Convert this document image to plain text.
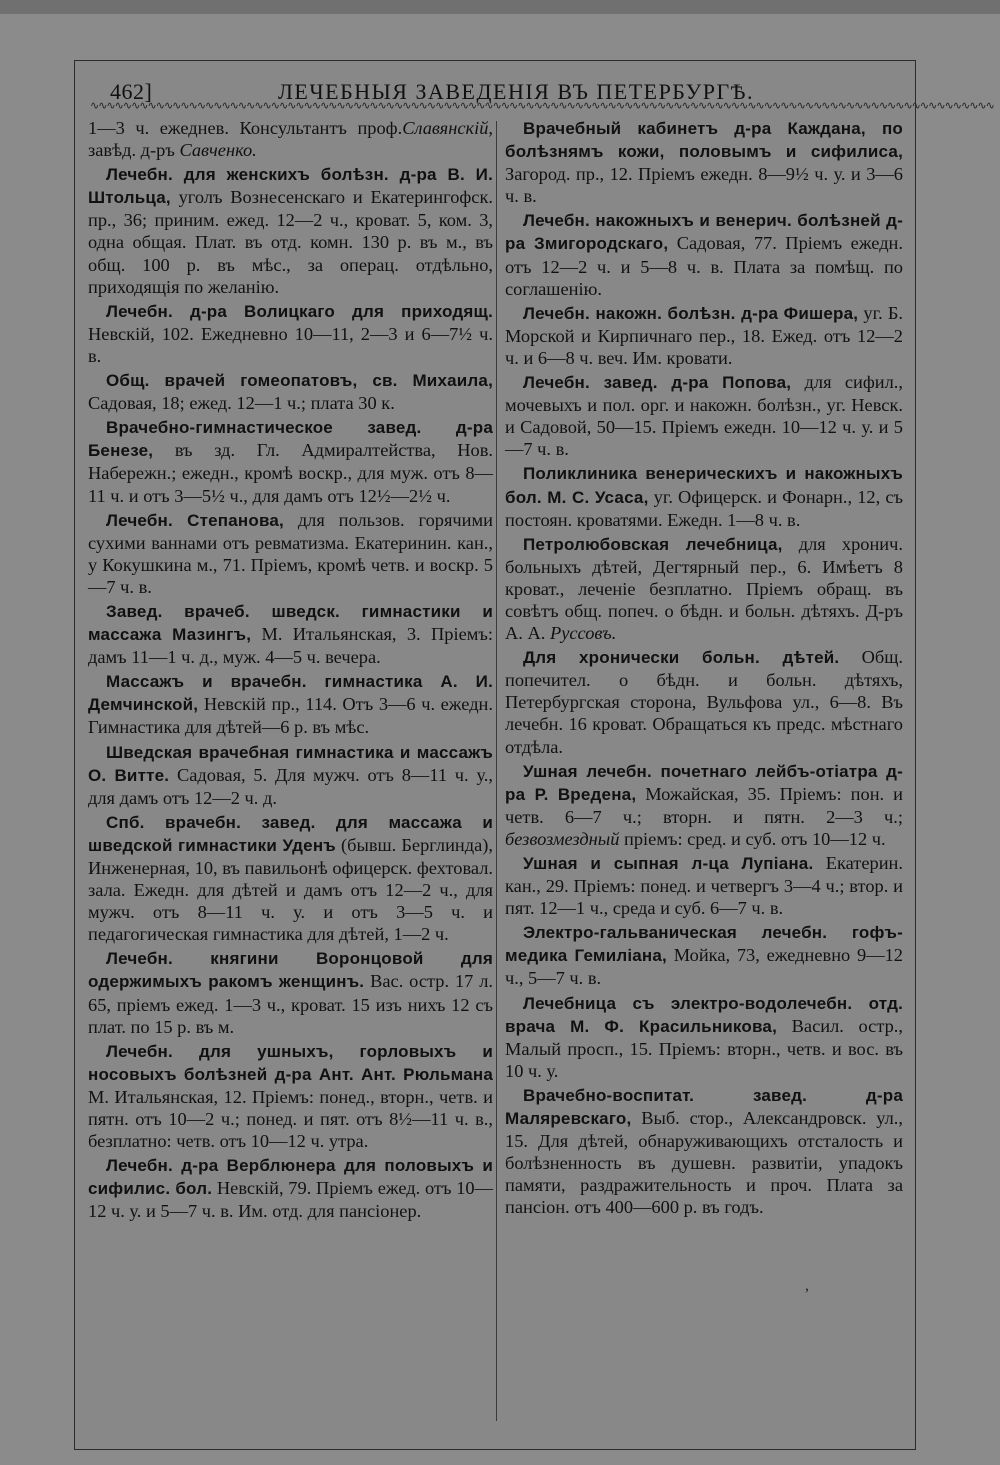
462]	ЛЕЧЕБНЫЯ ЗАВЕДЕНІЯ ВЪ ПЕТЕРБУРГѢ.
∿∿∿∿∿∿∿∿∿∿∿∿∿∿∿∿∿∿∿∿∿∿∿∿∿∿∿∿∿∿∿∿∿∿∿∿∿∿∿∿∿∿∿∿∿∿∿∿∿∿∿∿∿∿∿∿∿∿∿∿∿∿∿∿∿∿∿∿∿∿∿∿∿∿∿∿∿∿∿∿∿∿∿∿∿∿∿∿∿∿∿∿∿∿∿∿∿∿∿∿∿∿∿∿∿∿∿∿∿∿

1—3 ч. ежеднев. Консультантъ проф.Славянскій, завѣд. д-ръ Савченко.

Лечебн. для женскихъ болѣзн. д-ра В. И. Штольца, уголъ Вознесенскаго и Екатерингофск. пр., 36; приним. ежед. 12—2 ч., кроват. 5, ком. 3, одна общая. Плат. въ отд. комн. 130 р. въ м., въ общ. 100 р. въ мѣс., за операц. отдѣльно, приходящія по желанію.

Лечебн. д-ра Волицкаго для приходящ. Невскій, 102. Ежедневно 10—11, 2—3 и 6—7½ ч. в.

Общ. врачей гомеопатовъ, св. Михаила, Садовая, 18; ежед. 12—1 ч.; плата 30 к.

Врачебно-гимнастическое завед. д-ра Бенезе, въ зд. Гл. Адмиралтейства, Нов. Набережн.; ежедн., кромѣ воскр., для муж. отъ 8—11 ч. и отъ 3—5½ ч., для дамъ отъ 12½—2½ ч.

Лечебн. Степанова, для пользов. горячими сухими ваннами отъ ревматизма. Екатеринин. кан., у Кокушкина м., 71. Пріемъ, кромѣ четв. и воскр. 5—7 ч. в.

Завед. врачеб. шведск. гимнастики и массажа Мазингъ, М. Итальянская, 3. Пріемъ: дамъ 11—1 ч. д., муж. 4—5 ч. вечера.

Массажъ и врачебн. гимнастика А. И. Демчинской, Невскій пр., 114. Отъ 3—6 ч. ежедн. Гимнастика для дѣтей—6 р. въ мѣс.

Шведская врачебная гимнастика и массажъ О. Витте. Садовая, 5. Для мужч. отъ 8—11 ч. у., для дамъ отъ 12—2 ч. д.

Спб. врачебн. завед. для массажа и шведской гимнастики Уденъ (бывш. Берглинда), Инженерная, 10, въ павильонѣ офицерск. фехтовал. зала. Ежедн. для дѣтей и дамъ отъ 12—2 ч., для мужч. отъ 8—11 ч. у. и отъ 3—5 ч. и педагогическая гимнастика для дѣтей, 1—2 ч.

Лечебн. княгини Воронцовой для одержимыхъ ракомъ женщинъ. Вас. остр. 17 л. 65, пріемъ ежед. 1—3 ч., кроват. 15 изъ нихъ 12 съ плат. по 15 р. въ м.

Лечебн. для ушныхъ, горловыхъ и носовыхъ болѣзней д-ра Ант. Ант. Рюльмана М. Итальянская, 12. Пріемъ: понед., вторн., четв. и пятн. отъ 10—2 ч.; понед. и пят. отъ 8½—11 ч. в., безплатно: четв. отъ 10—12 ч. утра.

Лечебн. д-ра Верблюнера для половыхъ и сифилис. бол. Невскій, 79. Пріемъ ежед. отъ 10—12 ч. у. и 5—7 ч. в. Им. отд. для пансіонер.

Врачебный кабинетъ д-ра Каждана, по болѣзнямъ кожи, половымъ и сифилиса, Загород. пр., 12. Пріемъ ежедн. 8—9½ ч. у. и 3—6 ч. в.

Лечебн. накожныхъ и венерич. болѣзней д-ра Змигородскаго, Садовая, 77. Пріемъ ежедн. отъ 12—2 ч. и 5—8 ч. в. Плата за помѣщ. по соглашенію.

Лечебн. накожн. болѣзн. д-ра Фишера, уг. Б. Морской и Кирпичнаго пер., 18. Ежед. отъ 12—2 ч. и 6—8 ч. веч. Им. кровати.

Лечебн. завед. д-ра Попова, для сифил., мочевыхъ и пол. орг. и накожн. болѣзн., уг. Невск. и Садовой, 50—15. Пріемъ ежедн. 10—12 ч. у. и 5—7 ч. в.

Поликлиника венерическихъ и накожныхъ бол. М. С. Усаса, уг. Офицерск. и Фонарн., 12, съ постоян. кроватями. Ежедн. 1—8 ч. в.

Петролюбовская лечебница, для хронич. больныхъ дѣтей, Дегтярный пер., 6. Имѣетъ 8 кроват., леченіе безплатно. Пріемъ обращ. въ совѣтъ общ. попеч. о бѣдн. и больн. дѣтяхъ. Д-ръ А. А. Руссовъ.

Для хронически больн. дѣтей. Общ. попечител. о бѣдн. и больн. дѣтяхъ, Петербургская сторона, Вульфова ул., 6—8. Въ лечебн. 16 кроват. Обращаться къ предс. мѣстнаго отдѣла.

Ушная лечебн. почетнаго лейбъ-отіатра д-ра Р. Вредена, Можайская, 35. Пріемъ: пон. и четв. 6—7 ч.; вторн. и пятн. 2—3 ч.; безвозмездный пріемъ: сред. и суб. отъ 10—12 ч.

Ушная и сыпная л-ца Лупіана. Екатерин. кан., 29. Пріемъ: понед. и четвергъ 3—4 ч.; втор. и пят. 12—1 ч., среда и суб. 6—7 ч. в.

Электро-гальваническая лечебн. гофъ-медика Гемиліана, Мойка, 73, ежедневно 9—12 ч., 5—7 ч. в.

Лечебница съ электро-водолечебн. отд. врача М. Ф. Красильникова, Васил. остр., Малый просп., 15. Пріемъ: вторн., четв. и вос. въ 10 ч. у.

Врачебно-воспитат. завед. д-ра Маляревскаго, Выб. стор., Александровск. ул., 15. Для дѣтей, обнаруживающихъ отсталость и болѣзненность въ душевн. развитіи, упадокъ памяти, раздражительность и проч. Плата за пансіон. отъ 400—600 р. въ годъ.

,
